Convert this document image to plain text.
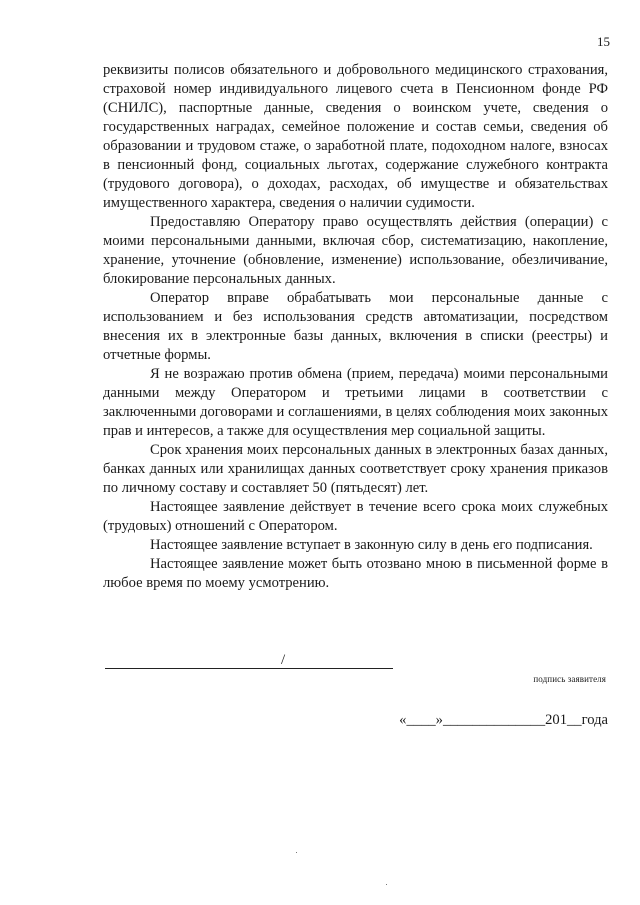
15

реквизиты полисов обязательного и добровольного медицинского страхования, страховой номер индивидуального лицевого счета в Пенсионном фонде РФ (СНИЛС), паспортные данные, сведения о воинском учете, сведения о государственных наградах, семейное положение и состав семьи, сведения об образовании и трудовом стаже, о заработной плате, подоходном налоге, взносах в пенсионный фонд, социальных льготах, содержание служебного контракта (трудового договора), о доходах, расходах, об имуществе и обязательствах имущественного характера, сведения о наличии судимости.

Предоставляю Оператору право осуществлять действия (операции) с моими персональными данными, включая сбор, систематизацию, накопление, хранение, уточнение (обновление, изменение) использование, обезличивание, блокирование персональных данных.

Оператор вправе обрабатывать мои персональные данные с использованием и без использования средств автоматизации, посредством внесения их в электронные базы данных, включения в списки (реестры) и отчетные формы.

Я не возражаю против обмена (прием, передача) моими персональными данными между Оператором и третьими лицами в соответствии с заключенными договорами и соглашениями, в целях соблюдения моих законных прав и интересов, а также для осуществления мер социальной защиты.

Срок хранения моих персональных данных в электронных базах данных, банках данных или хранилищах данных соответствует сроку хранения приказов по личному составу и составляет 50 (пятьдесят) лет.

Настоящее заявление действует в течение всего срока моих служебных (трудовых) отношений с Оператором.

Настоящее заявление вступает в законную силу в день его подписания.

Настоящее заявление может быть отозвано мною в письменной форме в любое время по моему усмотрению.

/
подпись заявителя
«____»______________201__года
